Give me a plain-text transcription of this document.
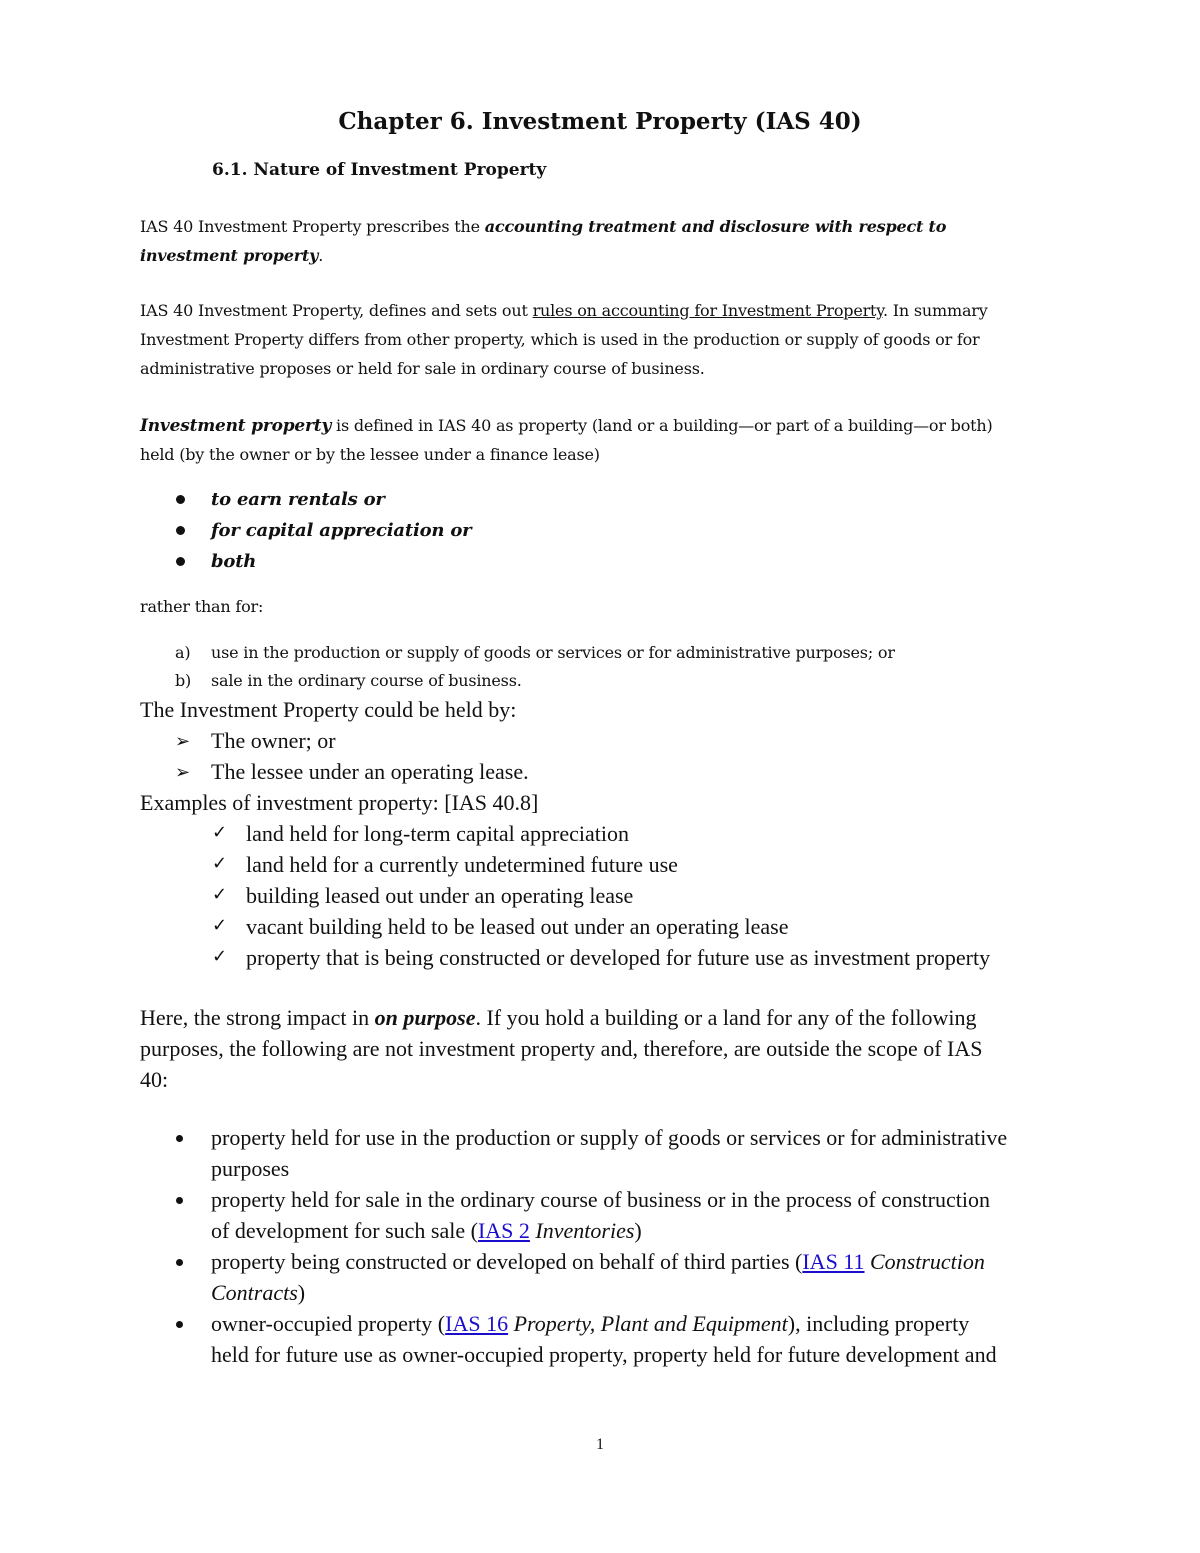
Chapter 6. Investment Property (IAS 40)
6.1. Nature of Investment Property
IAS 40 Investment Property prescribes the accounting treatment and disclosure with respect to
investment property.
IAS 40 Investment Property, defines and sets out rules on accounting for Investment Property. In summary
Investment Property differs from other property, which is used in the production or supply of goods or for
administrative proposes or held for sale in ordinary course of business.
Investment property is defined in IAS 40 as property (land or a building—or part of a building—or both)
held (by the owner or by the lessee under a finance lease)
to earn rentals or
for capital appreciation or
both
rather than for:
a) use in the production or supply of goods or services or for administrative purposes; or
b) sale in the ordinary course of business.
The Investment Property could be held by:
➢ The owner; or
➢ The lessee under an operating lease.
Examples of investment property: [IAS 40.8]
✓ land held for long-term capital appreciation
✓ land held for a currently undetermined future use
✓ building leased out under an operating lease
✓ vacant building held to be leased out under an operating lease
✓ property that is being constructed or developed for future use as investment property
Here, the strong impact in on purpose. If you hold a building or a land for any of the following
purposes, the following are not investment property and, therefore, are outside the scope of IAS
40:
property held for use in the production or supply of goods or services or for administrative
purposes
property held for sale in the ordinary course of business or in the process of construction
of development for such sale (IAS 2 Inventories)
property being constructed or developed on behalf of third parties (IAS 11 Construction
Contracts)
owner-occupied property (IAS 16 Property, Plant and Equipment), including property
held for future use as owner-occupied property, property held for future development and
1
